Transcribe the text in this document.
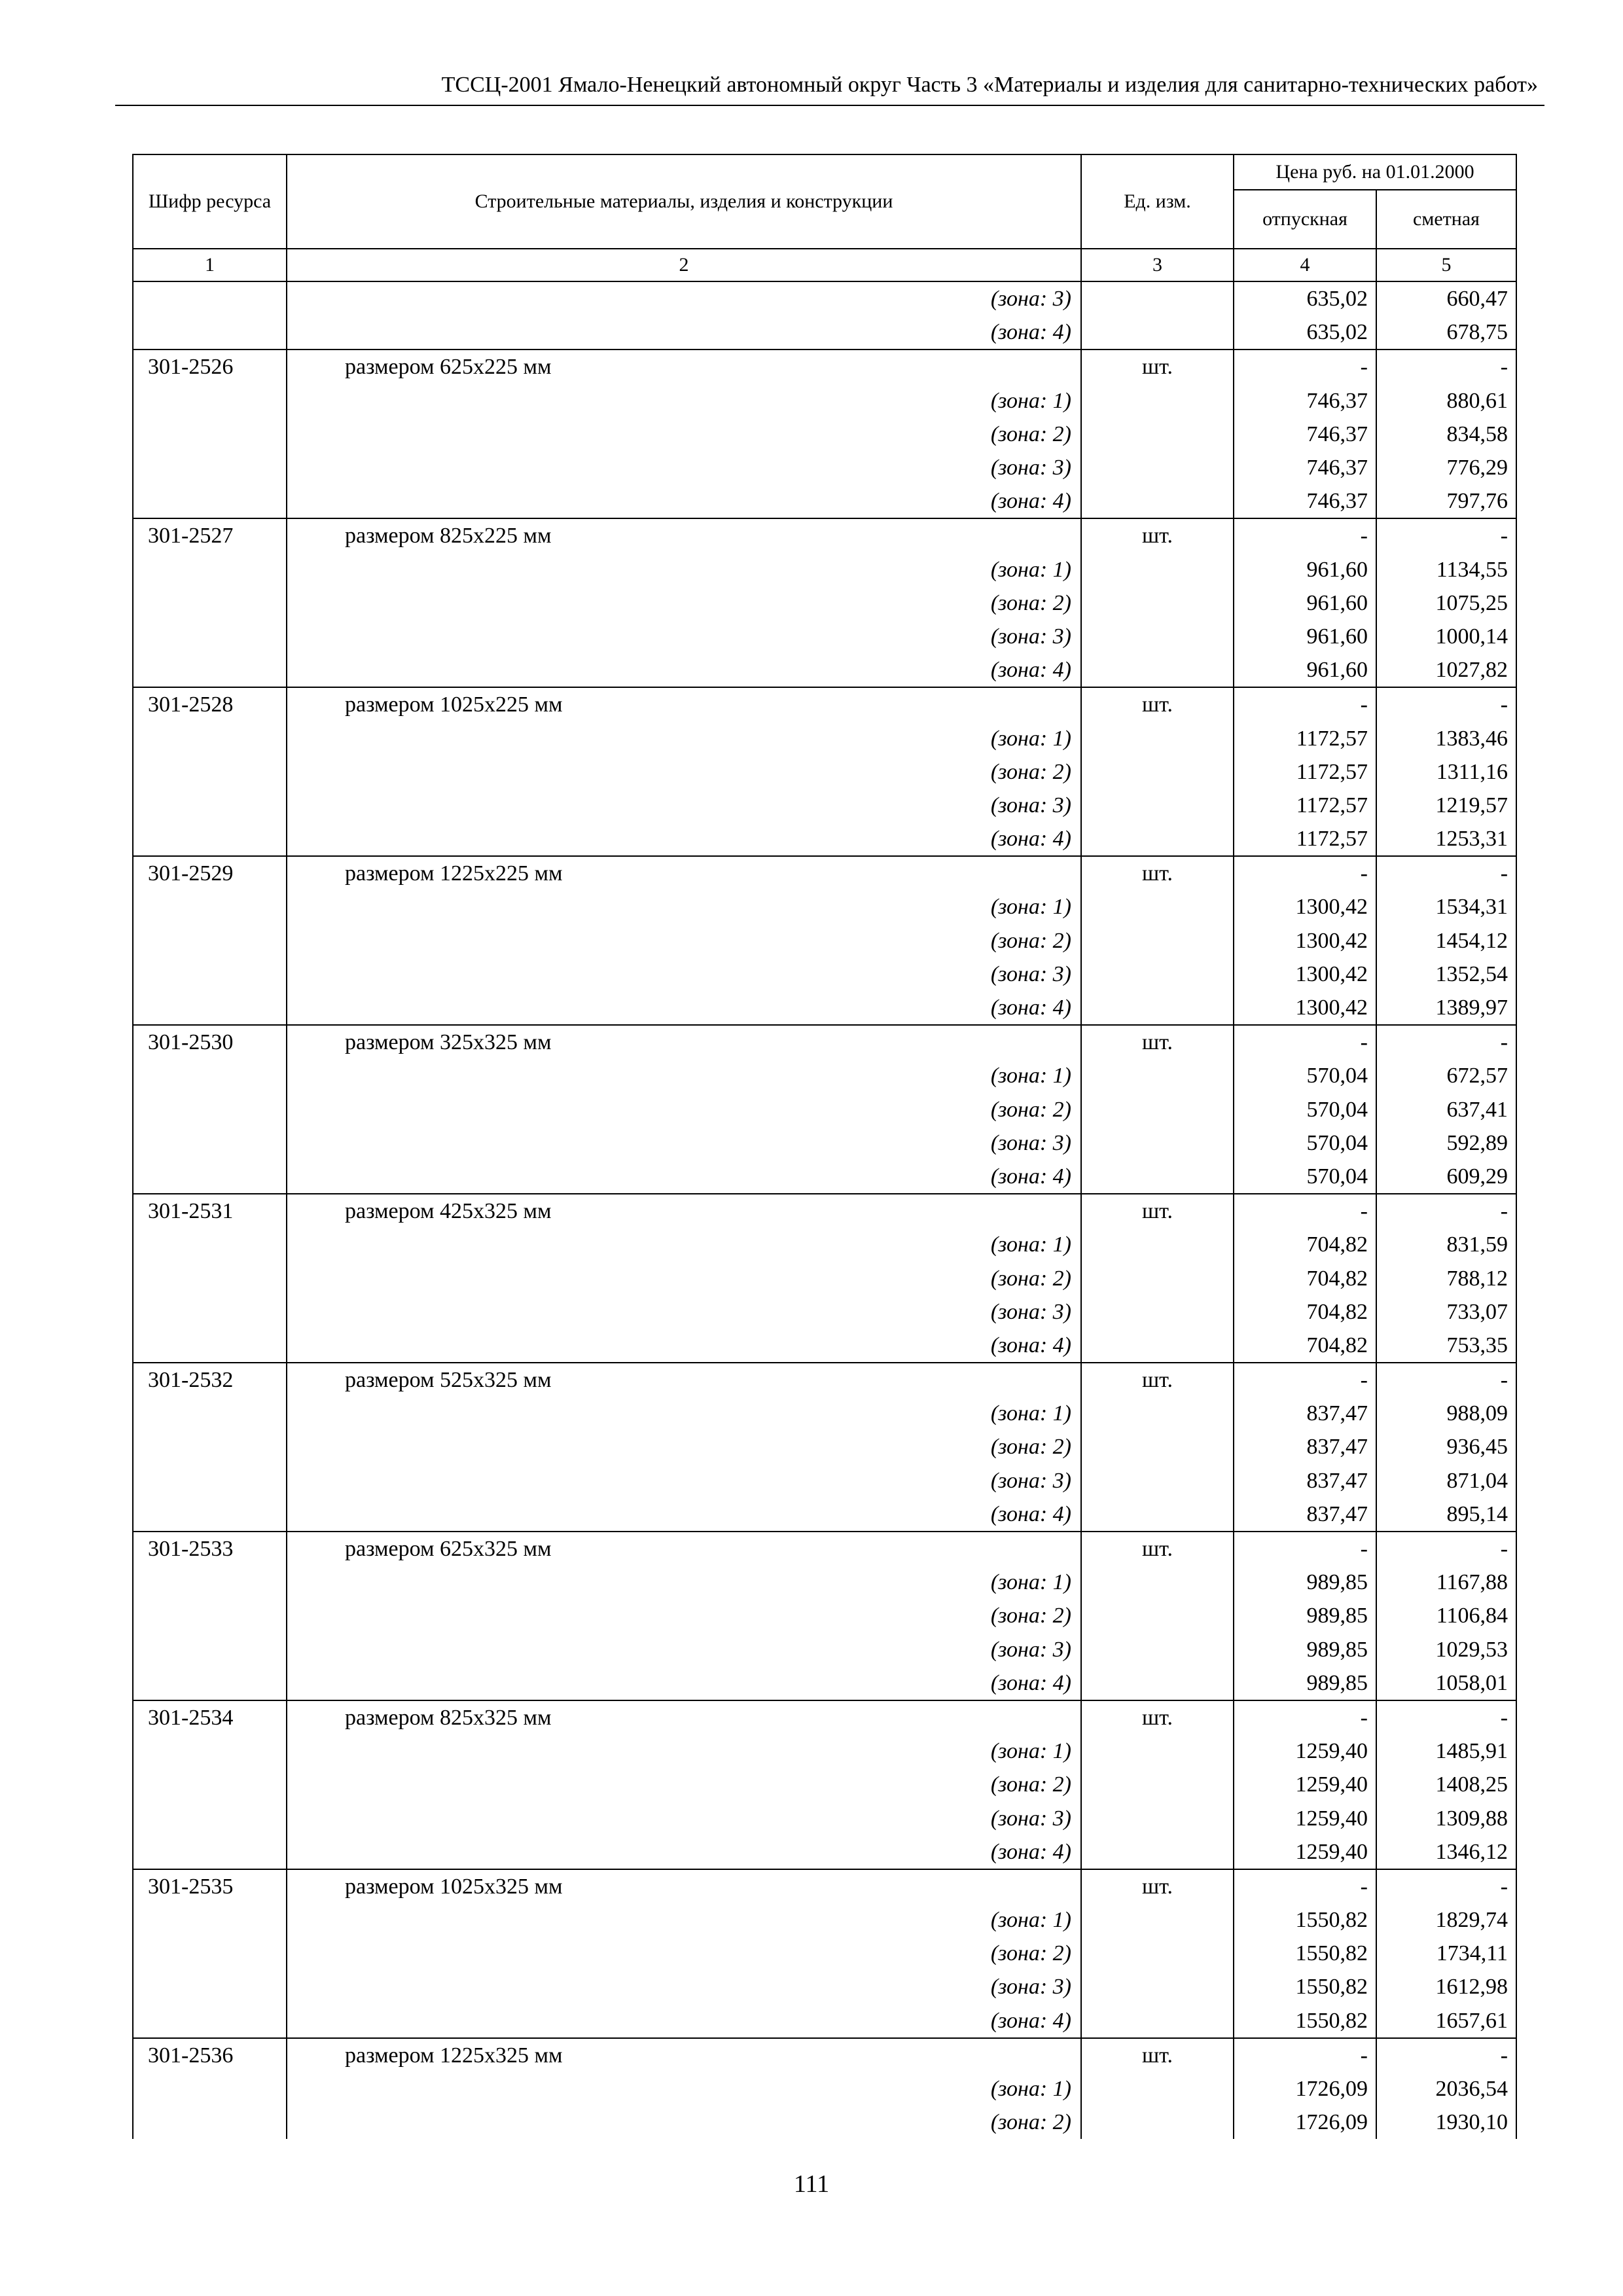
ТССЦ-2001 Ямало-Ненецкий автономный округ Часть 3 «Материалы и изделия для санитарно-технических работ»
Шифр ресурса	Строительные материалы, изделия и конструкции	Ед. изм.	Цена руб. на 01.01.2000	
			отпускная	сметная
1	2	3	4	5
	(зона: 3)		635,02	660,47
	(зона: 4)		635,02	678,75
301-2526	размером 625x225 мм	шт.	-	-
	(зона: 1)		746,37	880,61
	(зона: 2)		746,37	834,58
	(зона: 3)		746,37	776,29
	(зона: 4)		746,37	797,76
301-2527	размером 825x225 мм	шт.	-	-
	(зона: 1)		961,60	1134,55
	(зона: 2)		961,60	1075,25
	(зона: 3)		961,60	1000,14
	(зона: 4)		961,60	1027,82
301-2528	размером 1025x225 мм	шт.	-	-
	(зона: 1)		1172,57	1383,46
	(зона: 2)		1172,57	1311,16
	(зона: 3)		1172,57	1219,57
	(зона: 4)		1172,57	1253,31
301-2529	размером 1225x225 мм	шт.	-	-
	(зона: 1)		1300,42	1534,31
	(зона: 2)		1300,42	1454,12
	(зона: 3)		1300,42	1352,54
	(зона: 4)		1300,42	1389,97
301-2530	размером 325x325 мм	шт.	-	-
	(зона: 1)		570,04	672,57
	(зона: 2)		570,04	637,41
	(зона: 3)		570,04	592,89
	(зона: 4)		570,04	609,29
301-2531	размером 425x325 мм	шт.	-	-
	(зона: 1)		704,82	831,59
	(зона: 2)		704,82	788,12
	(зона: 3)		704,82	733,07
	(зона: 4)		704,82	753,35
301-2532	размером 525x325 мм	шт.	-	-
	(зона: 1)		837,47	988,09
	(зона: 2)		837,47	936,45
	(зона: 3)		837,47	871,04
	(зона: 4)		837,47	895,14
301-2533	размером 625x325 мм	шт.	-	-
	(зона: 1)		989,85	1167,88
	(зона: 2)		989,85	1106,84
	(зона: 3)		989,85	1029,53
	(зона: 4)		989,85	1058,01
301-2534	размером 825x325 мм	шт.	-	-
	(зона: 1)		1259,40	1485,91
	(зона: 2)		1259,40	1408,25
	(зона: 3)		1259,40	1309,88
	(зона: 4)		1259,40	1346,12
301-2535	размером 1025x325 мм	шт.	-	-
	(зона: 1)		1550,82	1829,74
	(зона: 2)		1550,82	1734,11
	(зона: 3)		1550,82	1612,98
	(зона: 4)		1550,82	1657,61
301-2536	размером 1225x325 мм	шт.	-	-
	(зона: 1)		1726,09	2036,54
	(зона: 2)		1726,09	1930,10
111
